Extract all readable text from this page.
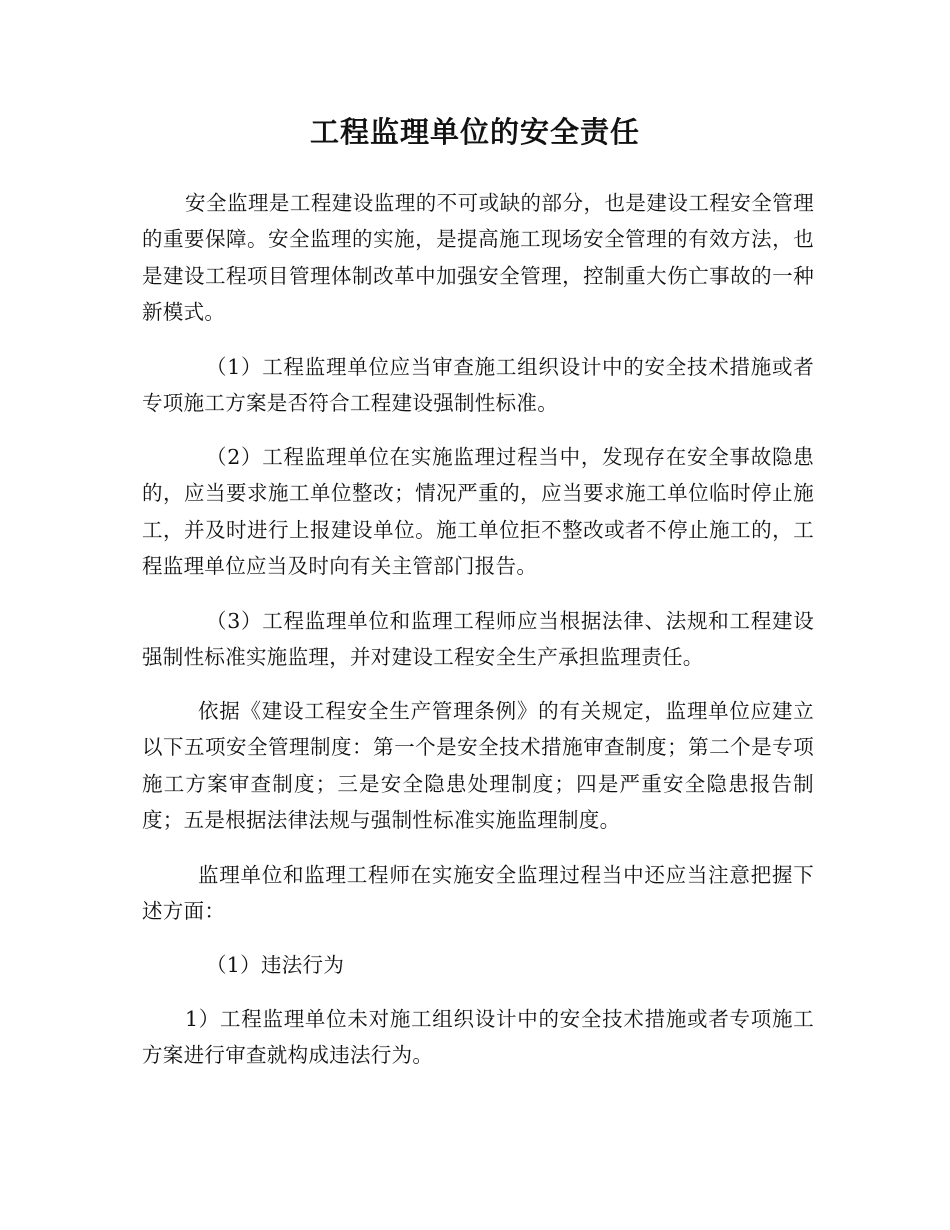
工程监理单位的安全责任

安全监理是工程建设监理的不可或缺的部分，也是建设工程安全管理的重要保障。安全监理的实施，是提高施工现场安全管理的有效方法，也是建设工程项目管理体制改革中加强安全管理，控制重大伤亡事故的一种新模式。

（1）工程监理单位应当审查施工组织设计中的安全技术措施或者专项施工方案是否符合工程建设强制性标准。

（2）工程监理单位在实施监理过程当中，发现存在安全事故隐患的，应当要求施工单位整改；情况严重的，应当要求施工单位临时停止施工，并及时进行上报建设单位。施工单位拒不整改或者不停止施工的，工程监理单位应当及时向有关主管部门报告。

（3）工程监理单位和监理工程师应当根据法律、法规和工程建设强制性标准实施监理，并对建设工程安全生产承担监理责任。

依据《建设工程安全生产管理条例》的有关规定，监理单位应建立以下五项安全管理制度：第一个是安全技术措施审查制度；第二个是专项施工方案审查制度；三是安全隐患处理制度；四是严重安全隐患报告制度；五是根据法律法规与强制性标准实施监理制度。

监理单位和监理工程师在实施安全监理过程当中还应当注意把握下述方面：

（1）违法行为

1）工程监理单位未对施工组织设计中的安全技术措施或者专项施工方案进行审查就构成违法行为。
